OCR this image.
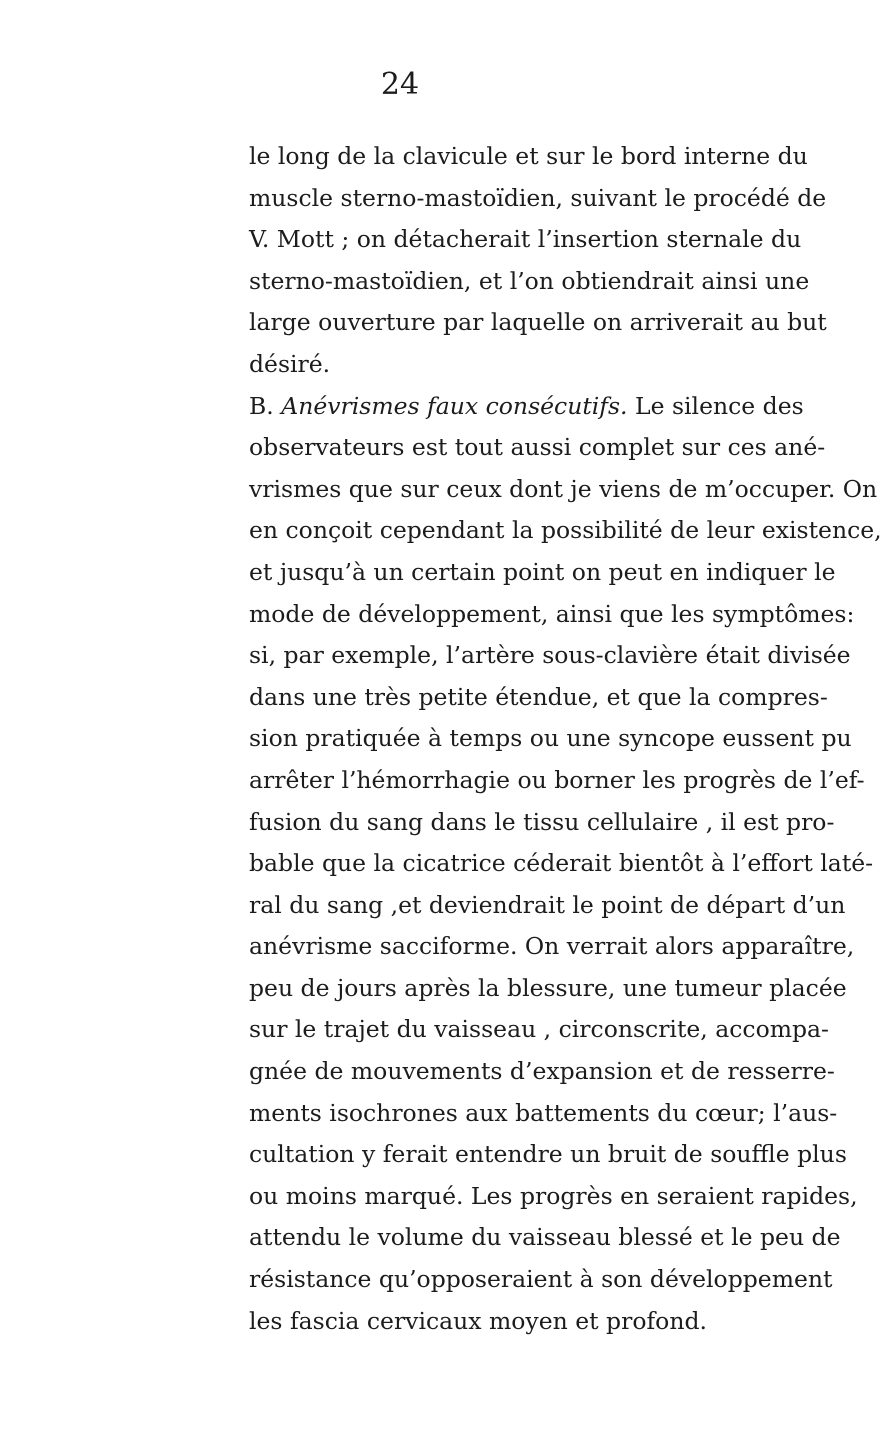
24
le long de la clavicule et sur le bord interne du
muscle sterno-mastoïdien, suivant le procédé de
V. Mott ; on détacherait l’insertion sternale du
sterno-mastoïdien, et l’on obtiendrait ainsi une
large ouverture par laquelle on arriverait au but
désiré.
B. Anévrismes faux consécutifs. Le silence des
observateurs est tout aussi complet sur ces ané-
vrismes que sur ceux dont je viens de m’occuper. On
en conçoit cependant la possibilité de leur existence,
et jusqu’à un certain point on peut en indiquer le
mode de développement, ainsi que les symptômes:
si, par exemple, l’artère sous-clavière était divisée
dans une très petite étendue, et que la compres-
sion pratiquée à temps ou une syncope eussent pu
arrêter l’hémorrhagie ou borner les progrès de l’ef-
fusion du sang dans le tissu cellulaire , il est pro-
bable que la cicatrice céderait bientôt à l’effort laté-
ral du sang ,et deviendrait le point de départ d’un
anévrisme sacciforme. On verrait alors apparaître,
peu de jours après la blessure, une tumeur placée
sur le trajet du vaisseau , circonscrite, accompa-
gnée de mouvements d’expansion et de resserre-
ments isochrones aux battements du cœur; l’aus-
cultation y ferait entendre un bruit de souffle plus
ou moins marqué. Les progrès en seraient rapides,
attendu le volume du vaisseau blessé et le peu de
résistance qu’opposeraient à son développement
les fascia cervicaux moyen et profond.
